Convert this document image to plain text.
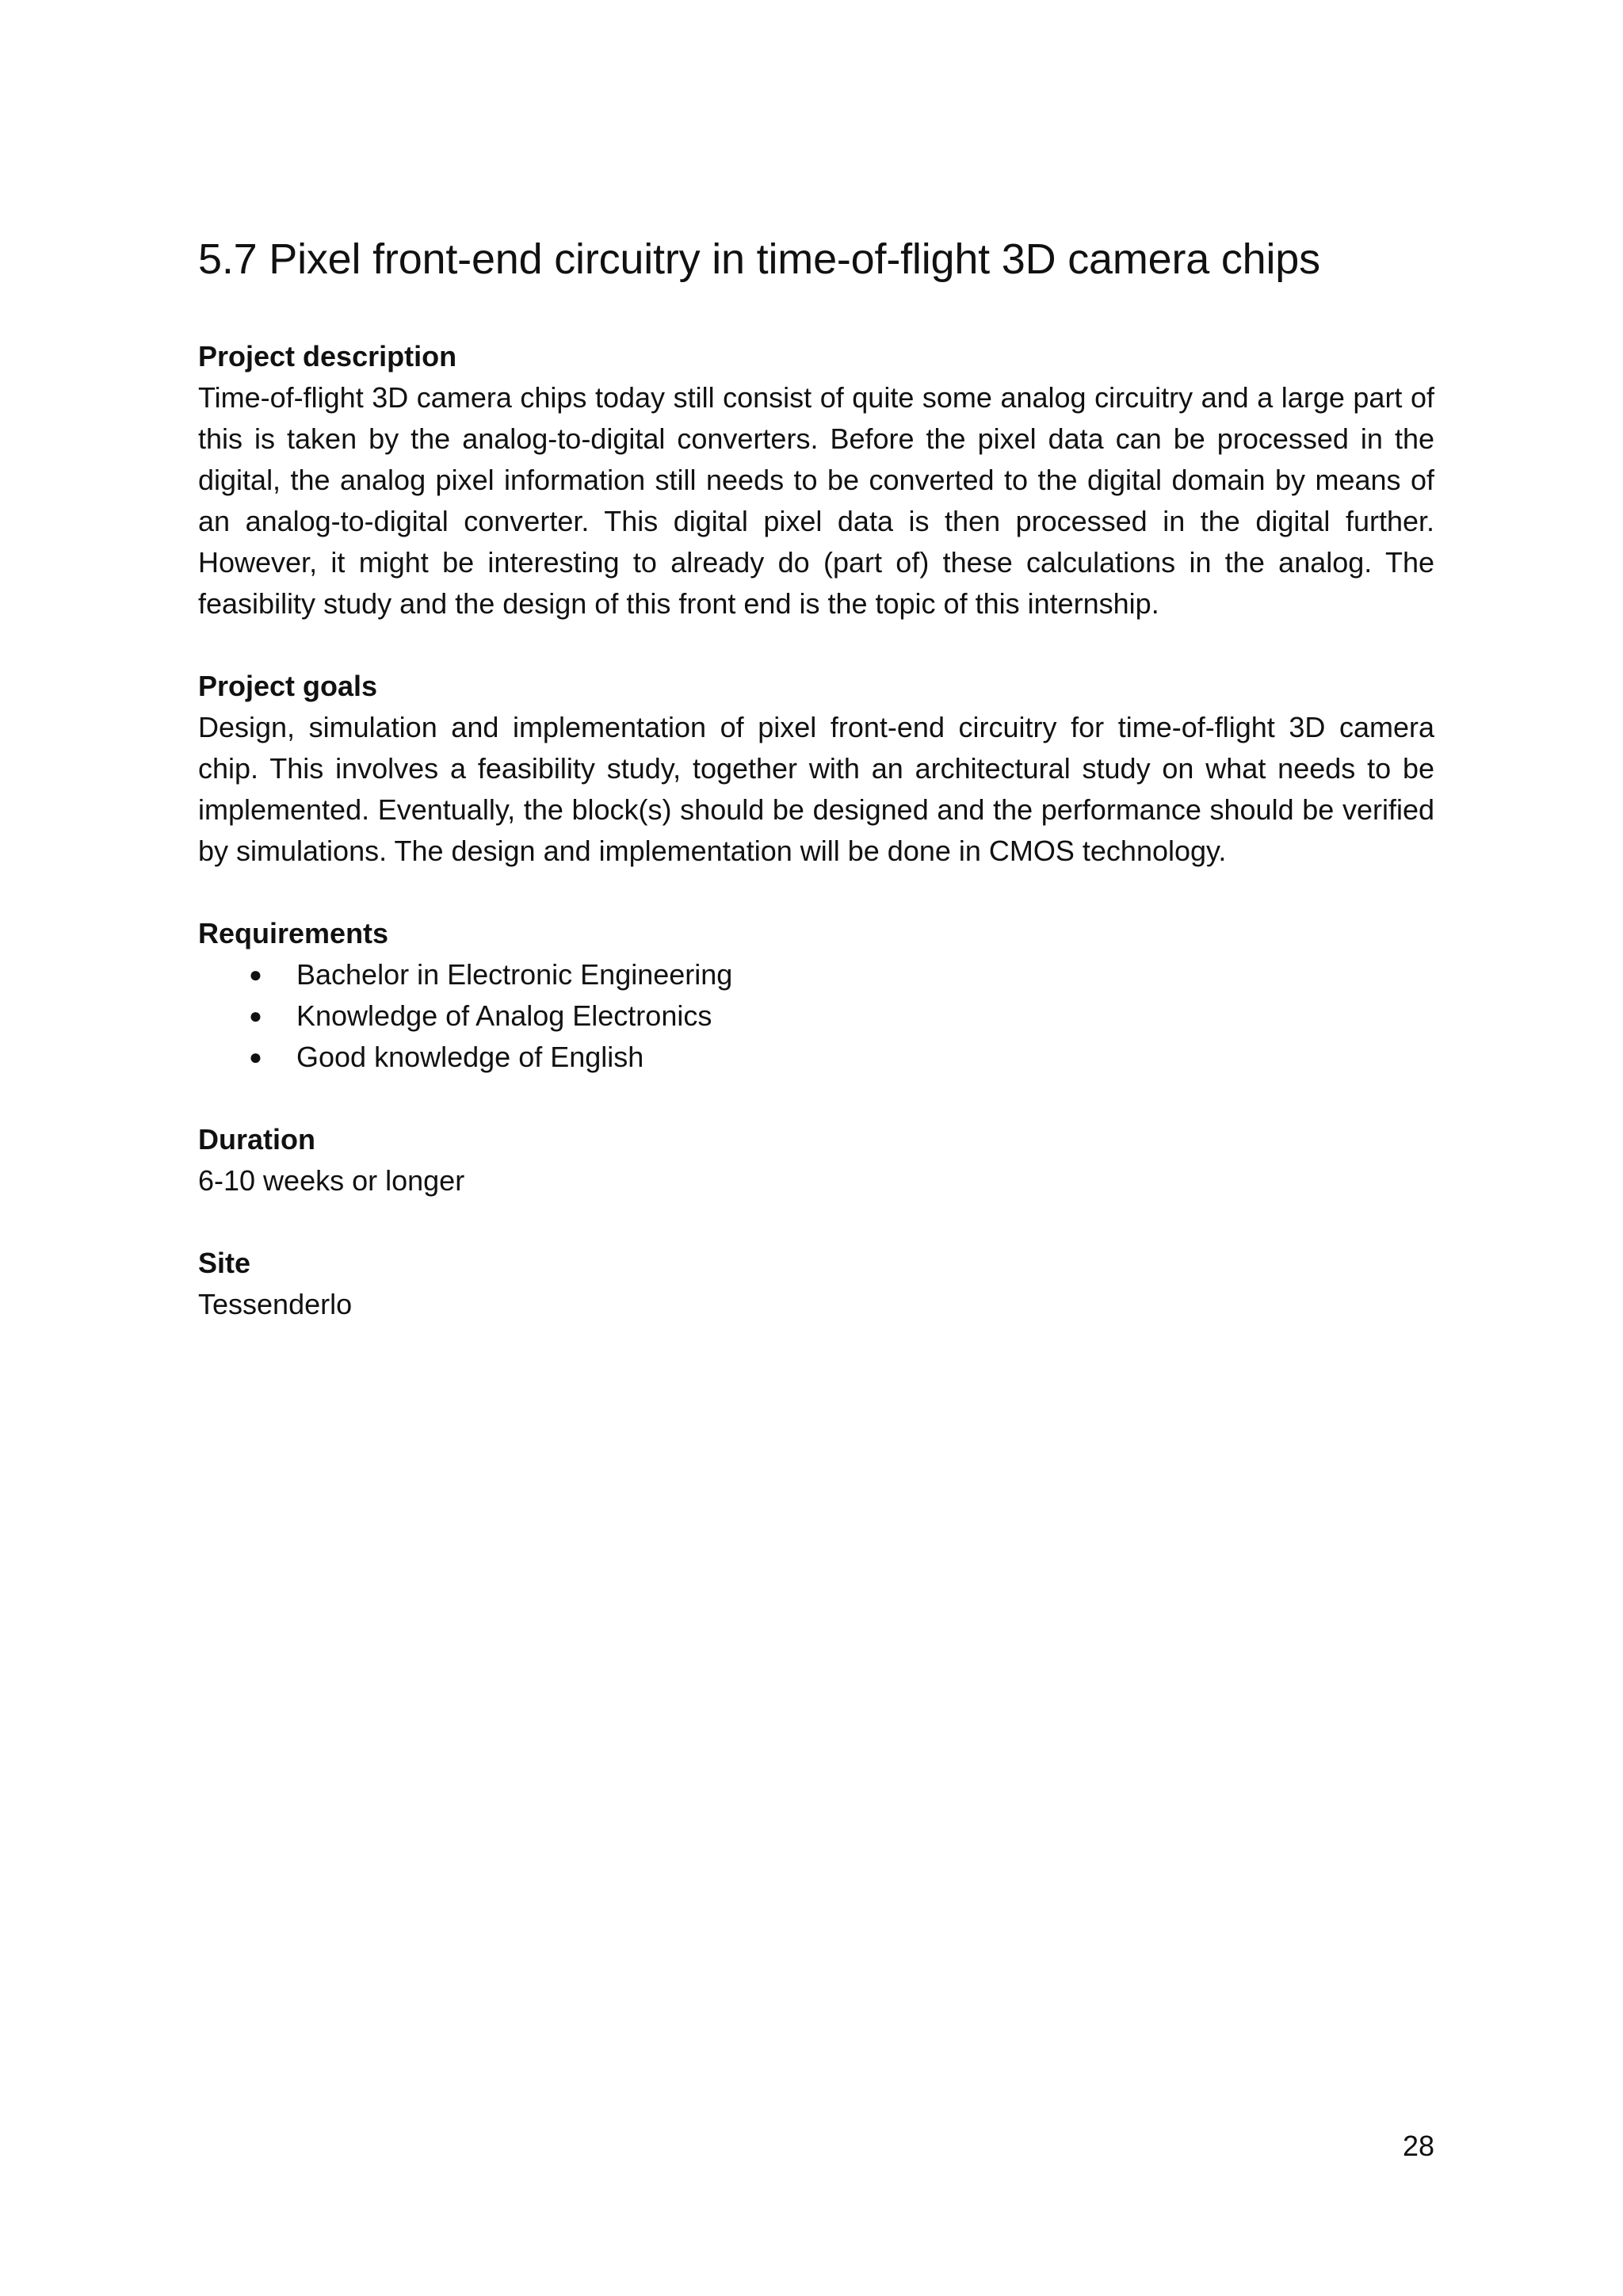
5.7 Pixel front-end circuitry in time-of-flight 3D camera chips

Project description

Time-of-flight 3D camera chips today still consist of quite some analog circuitry and a large part of this is taken by the analog-to-digital converters. Before the pixel data can be processed in the digital, the analog pixel information still needs to be converted to the digital domain by means of an analog-to-digital converter. This digital pixel data is then processed in the digital further. However, it might be interesting to already do (part of) these calculations in the analog. The feasibility study and the design of this front end is the topic of this internship.

Project goals

Design, simulation and implementation of pixel front-end circuitry for time-of-flight 3D camera chip. This involves a feasibility study, together with an architectural study on what needs to be implemented. Eventually, the block(s) should be designed and the performance should be verified by simulations. The design and implementation will be done in CMOS technology.

Requirements

● Bachelor in Electronic Engineering
● Knowledge of Analog Electronics
● Good knowledge of English

Duration

6-10 weeks or longer

Site

Tessenderlo

28
